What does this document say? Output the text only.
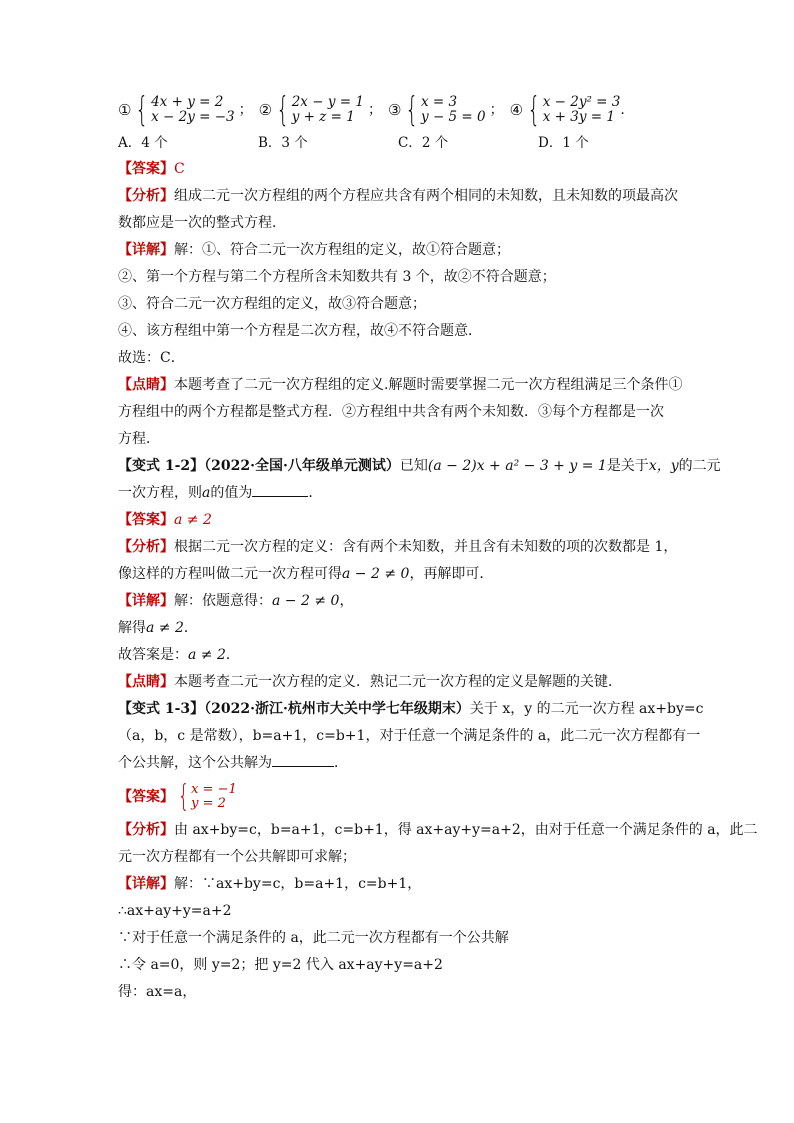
① { 4x + y = 2
x − 2y = −3 ； ② { 2x − y = 1
y + z = 1 ； ③ { x = 3
y − 5 = 0 ； ④ { x − 2y² = 3
x + 3y = 1 .
A．4 个	B．3 个	C．2 个	D．1 个
【答案】C
【分析】组成二元一次方程组的两个方程应共含有两个相同的未知数，且未知数的项最高次
数都应是一次的整式方程．
【详解】解：①、符合二元一次方程组的定义，故①符合题意；
②、第一个方程与第二个方程所含未知数共有 3 个，故②不符合题意；
③、符合二元一次方程组的定义，故③符合题意；
④、该方程组中第一个方程是二次方程，故④不符合题意．
故选：C．
【点睛】本题考查了二元一次方程组的定义.解题时需要掌握二元一次方程组满足三个条件①
方程组中的两个方程都是整式方程．②方程组中共含有两个未知数．③每个方程都是一次
方程．
【变式 1-2】（2022·全国·八年级单元测试）已知(a − 2)x + a² − 3 + y = 1是关于x，y的二元
一次方程，则a的值为	．
【答案】a ≠ 2
【分析】根据二元一次方程的定义：含有两个未知数，并且含有未知数的项的次数都是 1，
像这样的方程叫做二元一次方程可得a − 2 ≠ 0，再解即可．
【详解】解：依题意得：a − 2 ≠ 0，
解得a ≠ 2．
故答案是：a ≠ 2．
【点睛】本题考查二元一次方程的定义．熟记二元一次方程的定义是解题的关键．
【变式 1-3】（2022·浙江·杭州市大关中学七年级期末）关于 x，y 的二元一次方程 ax+by=c
（a，b，c 是常数），b=a+1，c=b+1，对于任意一个满足条件的 a，此二元一次方程都有一
个公共解，这个公共解为	．
【答案】 { x = −1
y = 2
【分析】由 ax+by=c，b=a+1，c=b+1，得 ax+ay+y=a+2，由对于任意一个满足条件的 a，此二
元一次方程都有一个公共解即可求解；
【详解】解：∵ax+by=c，b=a+1，c=b+1，
∴ax+ay+y=a+2
∵对于任意一个满足条件的 a，此二元一次方程都有一个公共解
∴令 a=0，则 y=2；把 y=2 代入 ax+ay+y=a+2
得：ax=a，
